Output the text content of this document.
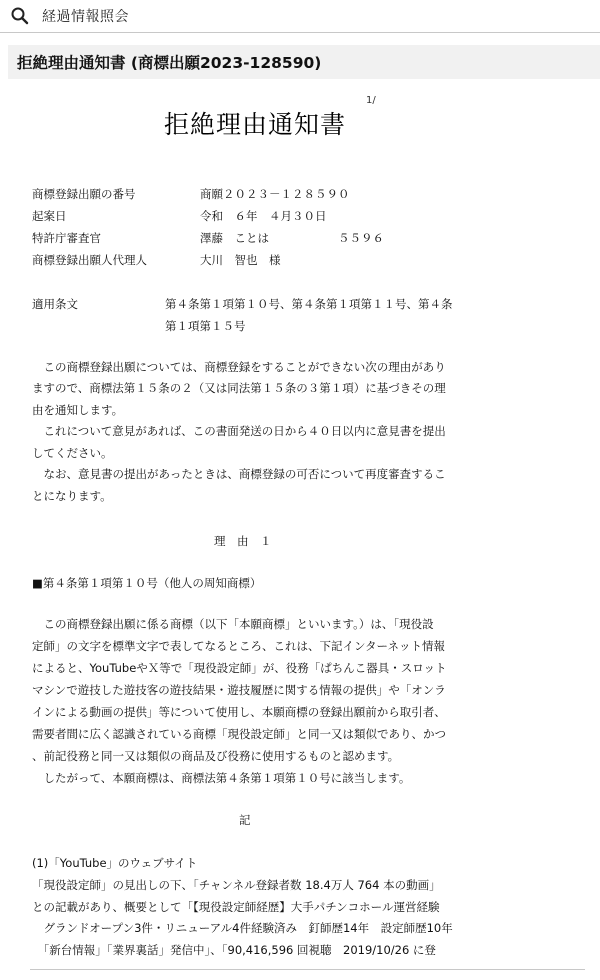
経過情報照会
拒絶理由通知書 (商標出願2023-128590)
拒絶理由通知書
1/
商標登録出願の番号	商願２０２３－１２８５９０
起案日	令和　６年　４月３０日
特許庁審査官	澤藤　ことは　　　　　　５５９６
商標登録出願人代理人	大川　智也　様
適用条文	第４条第１項第１０号、第４条第１項第１１号、第４条
第１項第１５号
　この商標登録出願については、商標登録をすることができない次の理由があり
ますので、商標法第１５条の２（又は同法第１５条の３第１項）に基づきその理
由を通知します。
　これについて意見があれば、この書面発送の日から４０日以内に意見書を提出
してください。
　なお、意見書の提出があったときは、商標登録の可否について再度審査するこ
とになります。
理　由　１
■第４条第１項第１０号（他人の周知商標）
　この商標登録出願に係る商標（以下「本願商標」といいます。）は、「現役設
定師」の文字を標準文字で表してなるところ、これは、下記インターネット情報
によると、YouTubeやＸ等で「現役設定師」が、役務「ぱちんこ器具・スロット
マシンで遊技した遊技客の遊技結果・遊技履歴に関する情報の提供」や「オンラ
インによる動画の提供」等について使用し、本願商標の登録出願前から取引者、
需要者間に広く認識されている商標「現役設定師」と同一又は類似であり、かつ
、前記役務と同一又は類似の商品及び役務に使用するものと認めます。
　したがって、本願商標は、商標法第４条第１項第１０号に該当します。
記
(1)「YouTube」のウェブサイト
「現役設定師」の見出しの下、「チャンネル登録者数 18.4万人 764 本の動画」
との記載があり、概要として「【現役設定師経歴】大手パチンコホール運営経験
　グランドオープン3件・リニューアル4件経験済み　釘師歴14年　設定師歴10年
　「新台情報」「業界裏話」発信中」、「90,416,596 回視聴　2019/10/26 に登
